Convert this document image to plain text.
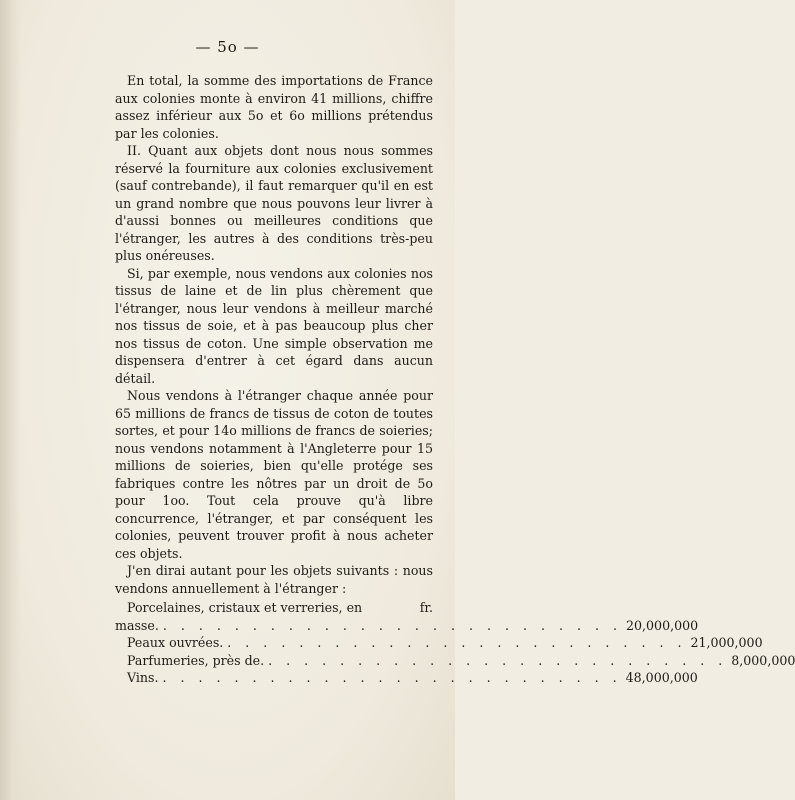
— 5o —

En total, la somme des importations de France aux colonies monte à environ 41 millions, chiffre assez inférieur aux 5o et 6o millions prétendus par les colonies.

II. Quant aux objets dont nous nous sommes réservé la fourniture aux colonies exclusivement (sauf contrebande), il faut remarquer qu'il en est un grand nombre que nous pouvons leur livrer à d'aussi bonnes ou meilleures conditions que l'étranger, les autres à des conditions très-peu plus onéreuses.

Si, par exemple, nous vendons aux colonies nos tissus de laine et de lin plus chèrement que l'étranger, nous leur vendons à meilleur marché nos tissus de soie, et à pas beaucoup plus cher nos tissus de coton. Une simple observation me dispensera d'entrer à cet égard dans aucun détail.

Nous vendons à l'étranger chaque année pour 65 millions de francs de tissus de coton de toutes sortes, et pour 14o millions de francs de soieries; nous vendons notamment à l'Angleterre pour 15 millions de soieries, bien qu'elle protége ses fabriques contre les nôtres par un droit de 5o pour 1oo. Tout cela prouve qu'à libre concurrence, l'étranger, et par conséquent les colonies, peuvent trouver profit à nous acheter ces objets.

J'en dirai autant pour les objets suivants : nous vendons annuellement à l'étranger :

Porcelaines, cristaux et verreries, en	fr.
masse. . . . . . . . . . . . . . . . . . . . . . . . . . . 20,000,000
Peaux ouvrées. . . . . . . . . . . . . . . . . . . . . . . . . . . 21,000,000
Parfumeries, près de. . . . . . . . . . . . . . . . . . . . . . . . . . . 8,000,000
Vins. . . . . . . . . . . . . . . . . . . . . . . . . . . 48,000,000
